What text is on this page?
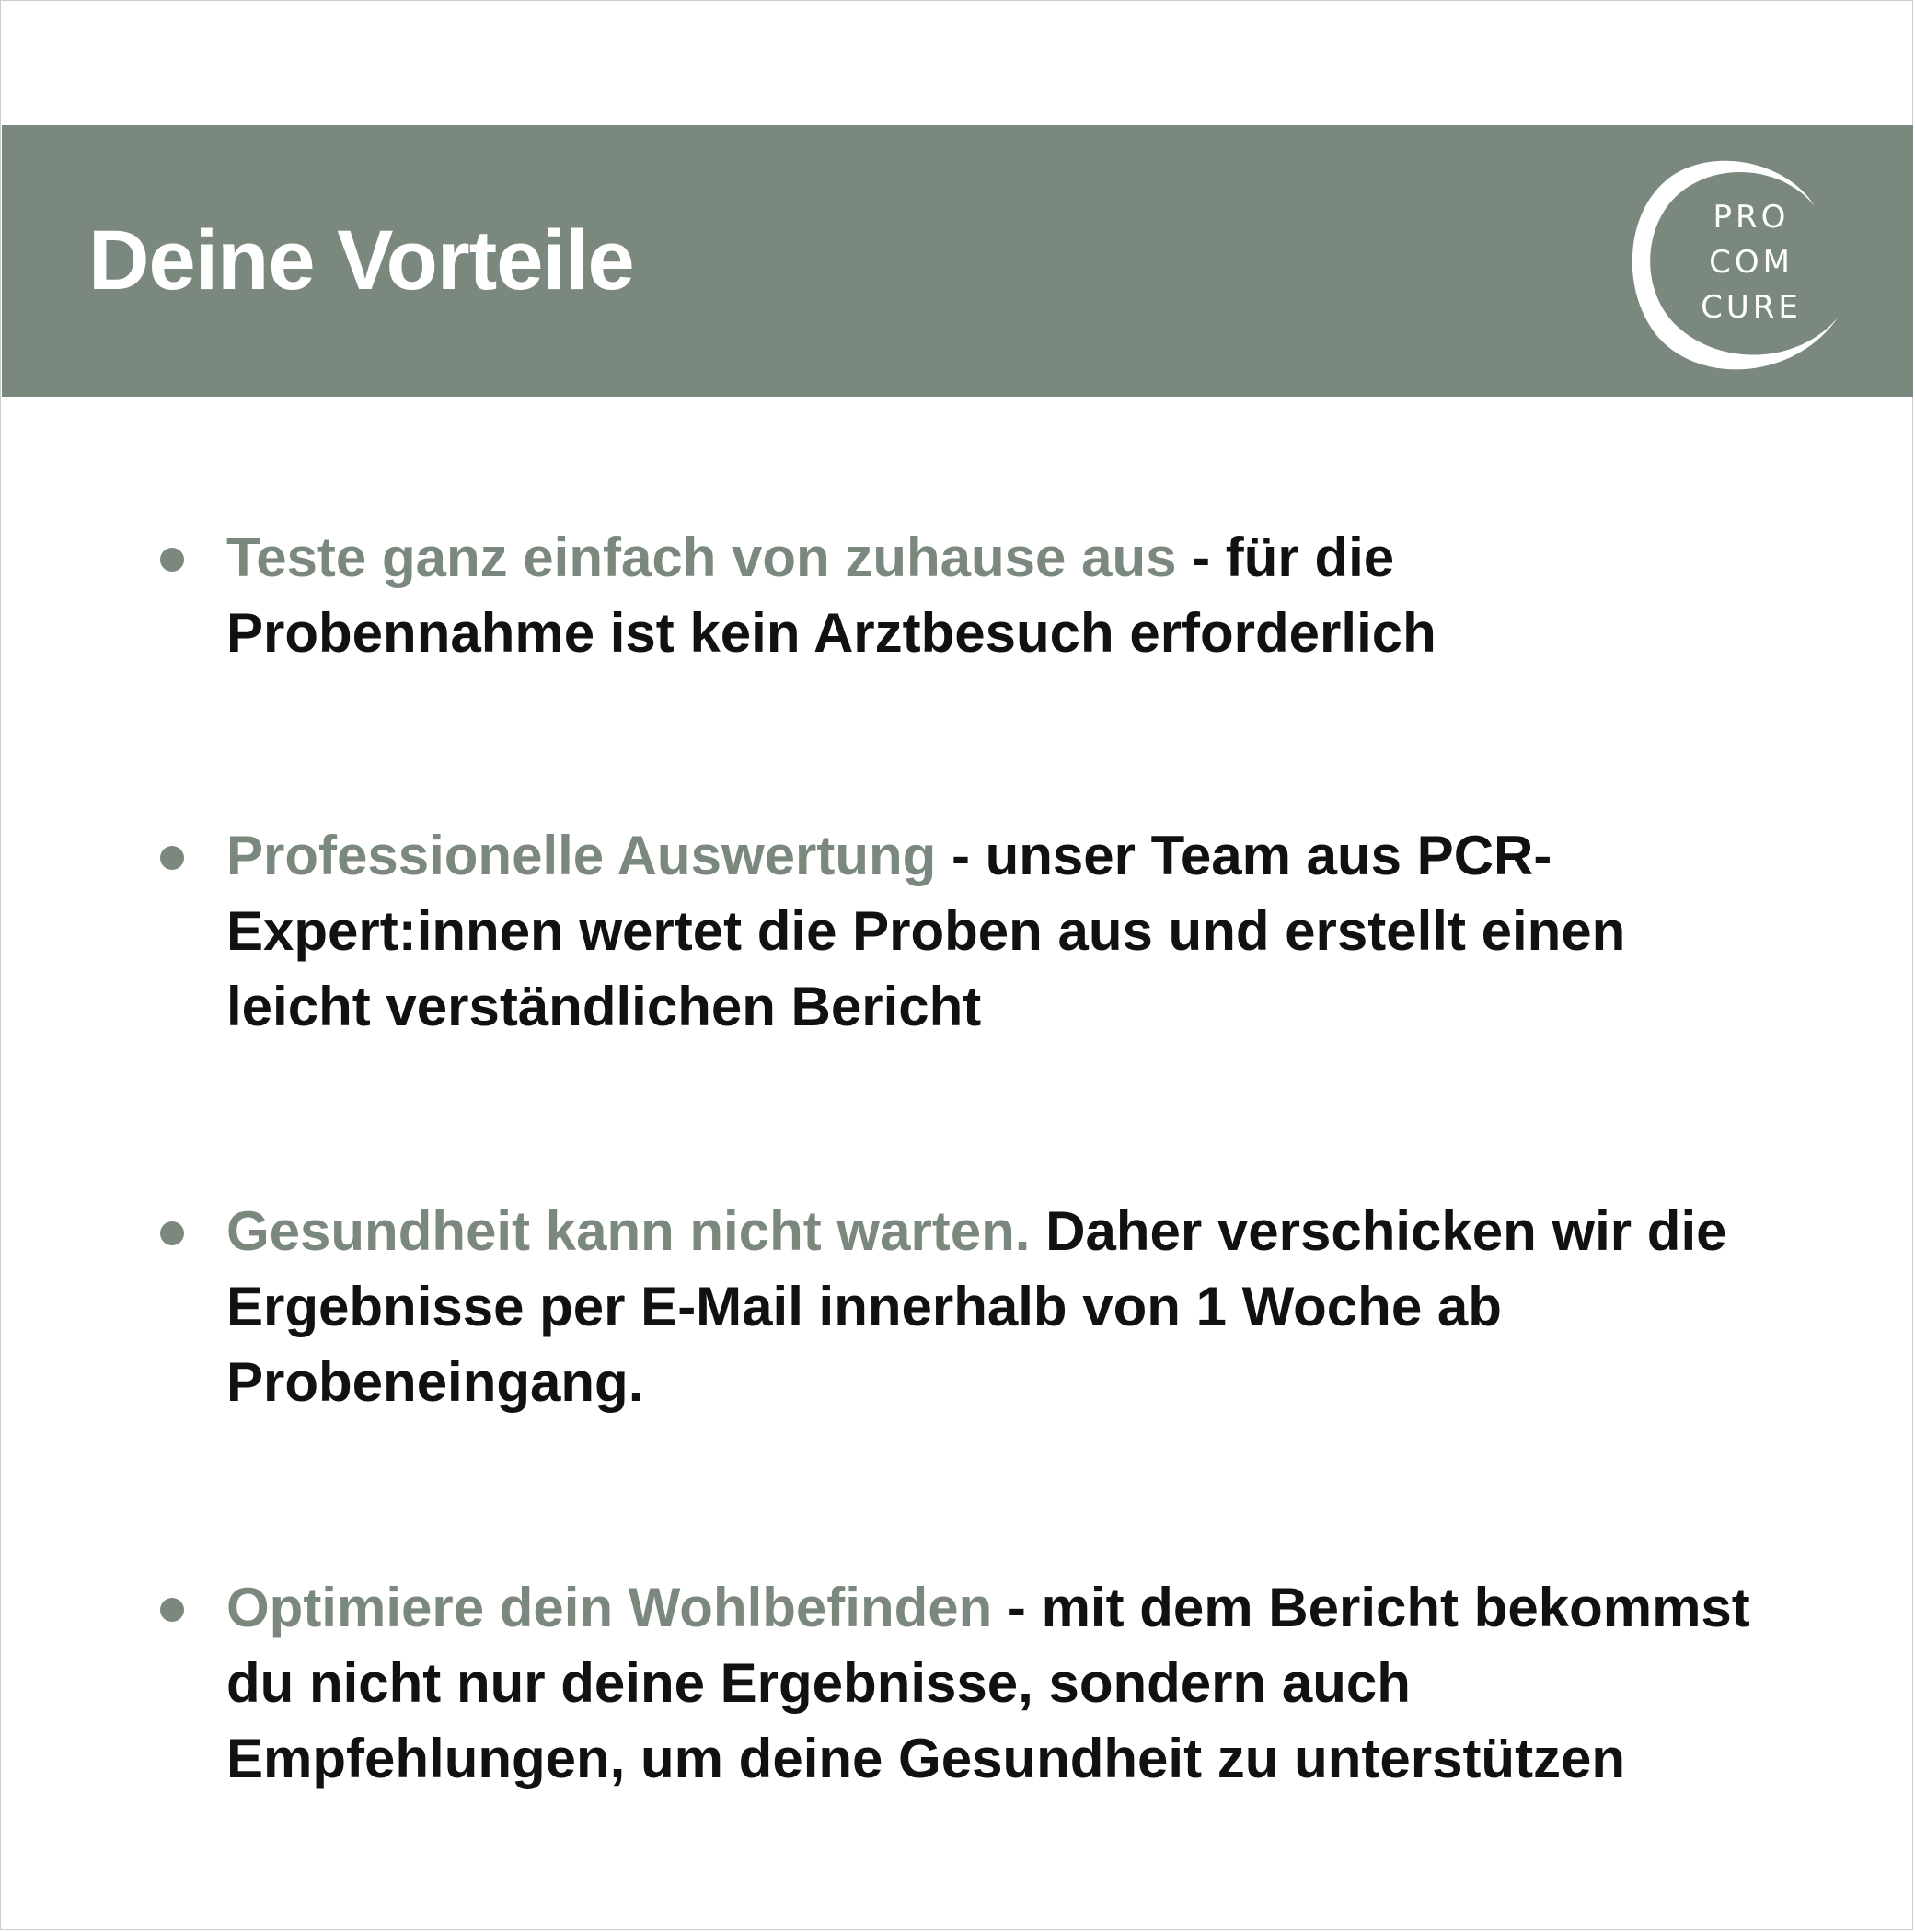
Deine Vorteile	PRO
COM
CURE
Teste ganz einfach von zuhause aus - für die Probennahme ist kein Arztbesuch erforderlich
Professionelle Auswertung - unser Team aus PCR-Expert:innen wertet die Proben aus und erstellt einen leicht verständlichen Bericht
Gesundheit kann nicht warten. Daher verschicken wir die Ergebnisse per E-Mail innerhalb von 1 Woche ab Probeneingang.
Optimiere dein Wohlbefinden - mit dem Bericht bekommst du nicht nur deine Ergebnisse, sondern auch Empfehlungen, um deine Gesundheit zu unterstützen
